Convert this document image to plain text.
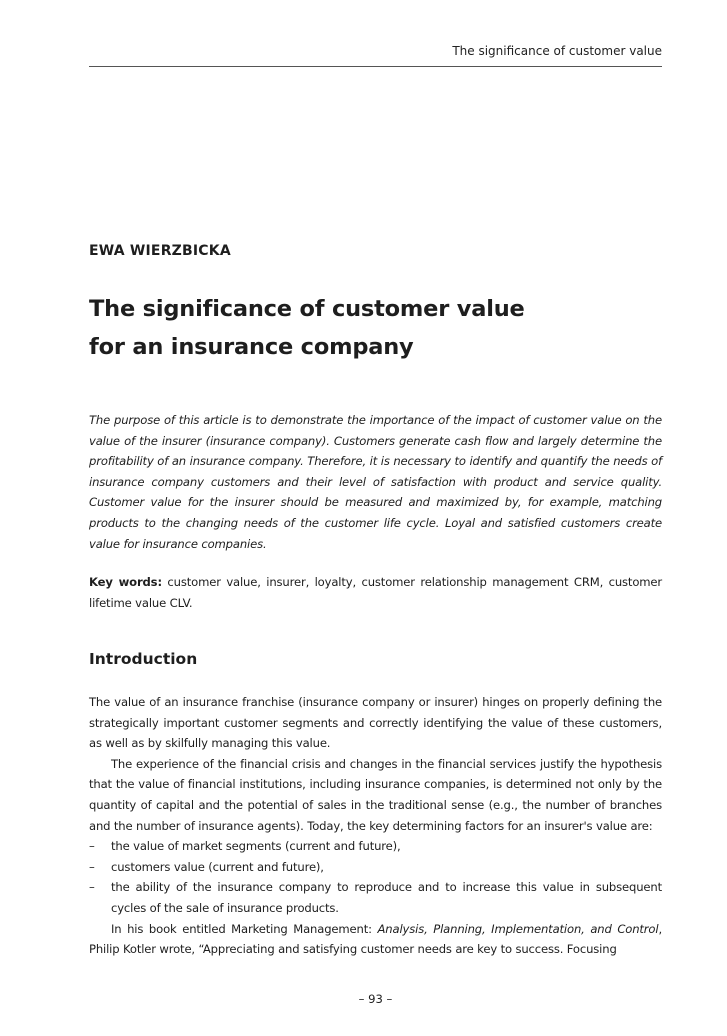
The significance of customer value
EWA WIERZBICKA
The significance of customer value
for an insurance company

The purpose of this article is to demonstrate the importance of the impact of customer value on the value of the insurer (insurance company). Customers generate cash flow and largely determine the profitability of an insurance company. Therefore, it is necessary to identify and quantify the needs of insurance company customers and their level of satisfaction with product and service quality. Customer value for the insurer should be measured and maximized by, for example, matching products to the changing needs of the customer life cycle. Loyal and satisfied customers create value for insurance companies.

Key words: customer value, insurer, loyalty, customer relationship management CRM, customer lifetime value CLV.

Introduction

The value of an insurance franchise (insurance company or insurer) hinges on properly defining the strategically important customer segments and correctly identifying the value of these customers, as well as by skilfully managing this value.

The experience of the financial crisis and changes in the financial services justify the hypothesis that the value of financial institutions, including insurance companies, is determined not only by the quantity of capital and the potential of sales in the traditional sense (e.g., the number of branches and the number of insurance agents). Today, the key determining factors for an insurer's value are:

– the value of market segments (current and future),
– customers value (current and future),
– the ability of the insurance company to reproduce and to increase this value in subsequent cycles of the sale of insurance products.

In his book entitled Marketing Management: Analysis, Planning, Implementation, and Control, Philip Kotler wrote, “Appreciating and satisfying customer needs are key to success. Focusing

– 93 –
